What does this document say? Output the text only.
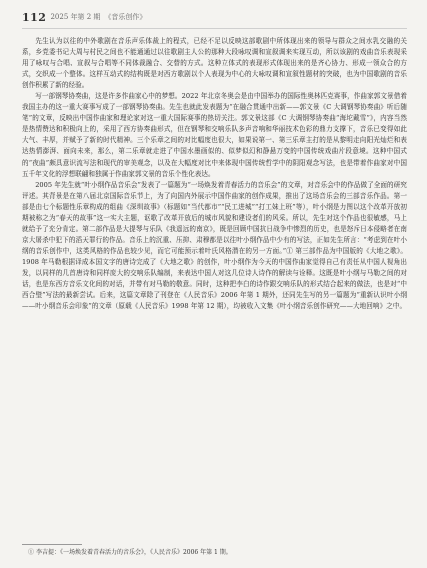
112 2025 年第 2 期 《音乐创作》

先生认为以往的中外歌剧在音乐声乐体裁上的程式，已经不足以反映这部歌剧中所体现出来的领导与群众之间水乳交融的关系，乡党委书记大周与村民之间也不能通通过以往歌剧主人公的那种大段咏叹调和宣叙调来实现互动，所以该剧的戏曲音乐表现采用了咏叹与合唱、宣叙与合唱等不同体裁融合、交替的方式。这种立体式的表现形式体现出来的是齐心协力、形成一领众合的方式，交织成一个整体。这样互动式的结构既是对西方歌剧以个人表现为中心的大咏叹调和宣叙性题材的突破，也为中国歌剧的音乐创作积累了新的经验。

写一部钢琴协奏曲，这是许多作曲家心中的梦想。2022 年北京冬奥会是由中国举办的国际性奥林匹克赛事，作曲家郭文景借着我国主办的这一重大赛事写成了一部钢琴协奏曲。先生也就此发表题为“在融合贯通中出新——郭文景《C 大调钢琴协奏曲》听后随笔”的文章，反映出中国作曲家和理论家对这一重大国际赛事的热切关注。郭文景这部《C 大调钢琴协奏曲“海坨戴雪”》，内容当然是热情赞达和积极向上的，采用了西方协奏曲形式，但在钢琴和交响乐队多声音响和华丽技术色彩的鼎力支撑下，音乐已变得如此大气、丰厚，并赋予了新的时代精神。三个乐章之间的对比幅度也很大，如果说第一、第三乐章主打的是从黎明走向阳光灿烂和表达热情澎湃、面向未来，那么，第二乐章就走进了中国水墨画似的、似梦似幻和静悬万变的中国传统戏曲片段意境。这种中国式的“夜曲”颇具意识流写法和现代的审美观念，以及在大幅度对比中来体现中国传统哲学中的阴阳观念写法，也是带着作曲家对中国五千年文化的浮想联翩和独属于作曲家郭文景的音乐个性化表达。

2005 年先生就“叶小纲作品音乐会”发表了一篇题为“一场焕发着青春活力的音乐会”的文章，对音乐会中的作品做了全面的研究评述。其背景是在第八届北京国际音乐节上，为了向国内外展示中国作曲家的创作成果，推出了这场音乐会的三部音乐作品。第一部是由七个标题性乐章构成的组曲《深圳故事》（标题如“当代都市”“民工进城”“打工妹上班”等），叶小纲是力图以这个改革开放初期被称之为“春天的故事”这一实大主题，讴歌了改革开放后的城市风貌和建设者们的风采。所以，先生对这个作品也很敏感，马上就给予了充分肯定。第二部作品是大提琴与乐队《我遥远的南京》，既是回顾中国抗日战争中惨烈的历史，也是怒斥日本侵略者在南京大屠杀中犯下的滔天罪行的作品。音乐上的沉重、压抑、肃穆都是以往叶小纲作品中少有的写法，正如先生所言：“考虑到在叶小纲的音乐创作中，这类风格的作品也较少见，而它可能预示着叶氏风格潜在的另一方面。”① 第三部作品为中国版的《大地之歌》。1908 年马勒根据译成本国文字的唐诗完成了《大地之歌》的创作，叶小纲作为今天的中国作曲家觉得自己有责任从中国人视角出发，以同样的几首唐诗和同样庞大的交响乐队编制，来表达中国人对这几位诗人诗作的解读与诠释。这既是叶小纲与马勒之间的对话，也是东西方音乐文化间的对话，并带有对马勒的敬意。同时，这种把李白的诗作跟交响乐队的形式结合起来的做法，也是对“中西合璧”写法的最新尝试。后来，这篇文章除了刊登在《人民音乐》2006 年第 1 期外，还同先生写的另一篇题为“重新认识叶小纲——叶小纲音乐会印象”的文章（原载《人民音乐》1998 年第 12 期），均被收入文集《叶小纲音乐创作研究——大地回响》之中。

① 李吉提：《一场焕发着青春活力的音乐会》，《人民音乐》2006 年第 1 期。
